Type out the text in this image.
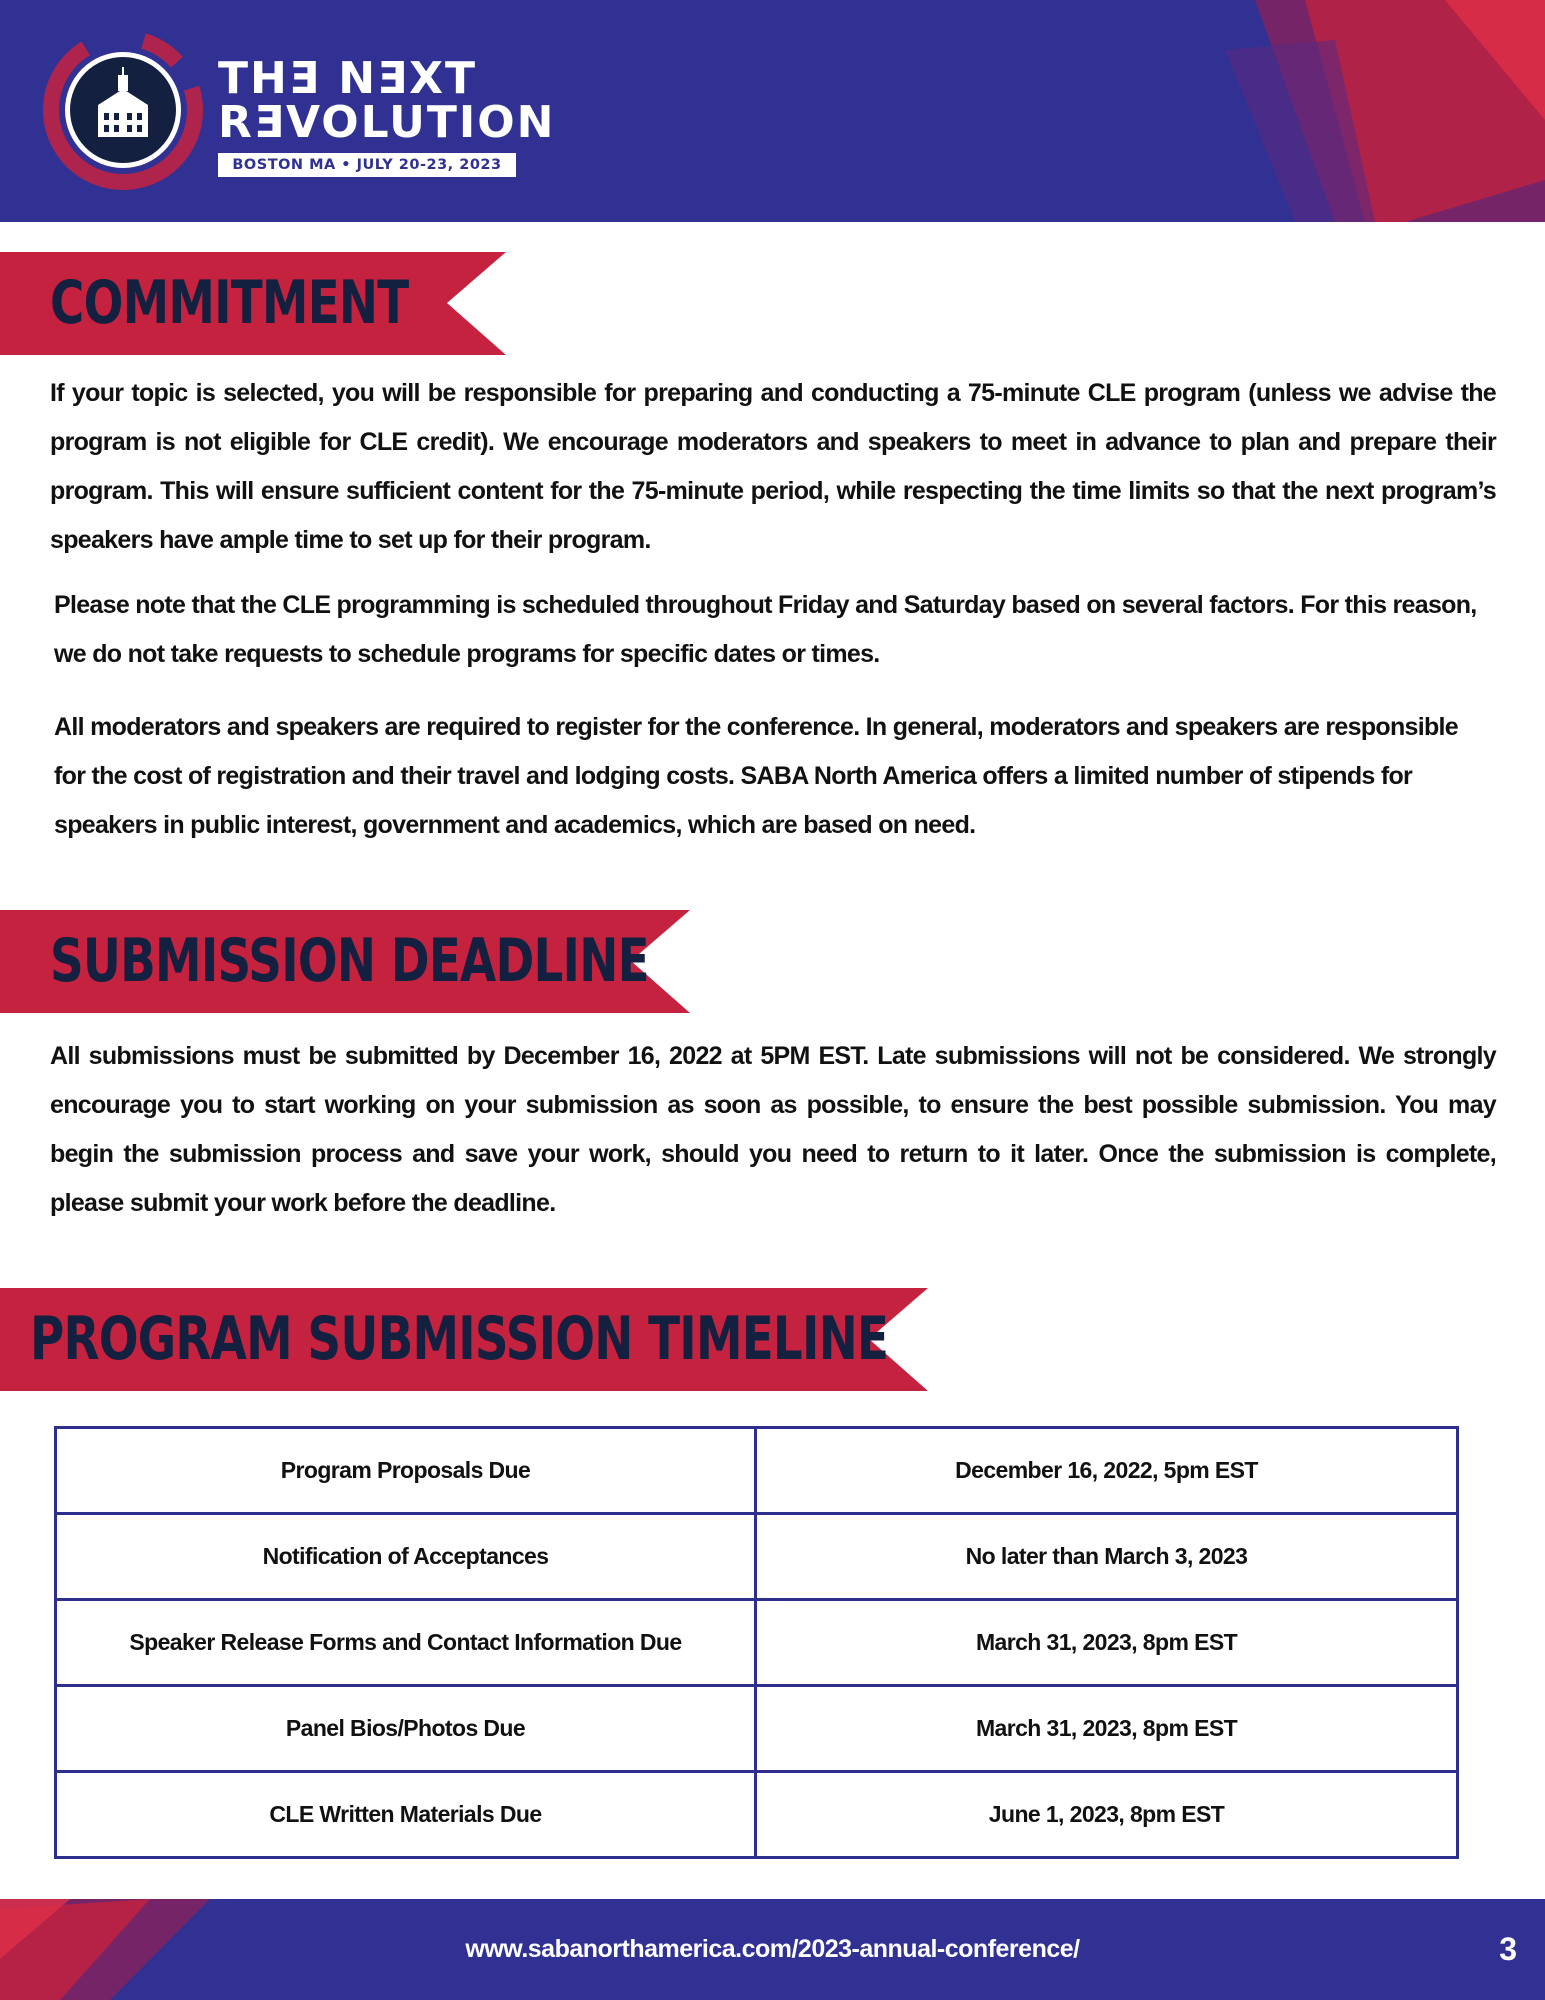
THƎ NƎXT
RƎVOLUTION
BOSTON MA • JULY 20-23, 2023
COMMITMENT
If your topic is selected, you will be responsible for preparing and conducting a 75-minute CLE program (unless we advise the program is not eligible for CLE credit). We encourage moderators and speakers to meet in advance to plan and prepare their program. This will ensure sufficient content for the 75-minute period, while respecting the time limits so that the next program’s speakers have ample time to set up for their program.
Please note that the CLE programming is scheduled throughout Friday and Saturday based on several factors. For this reason, we do not take requests to schedule programs for specific dates or times.
All moderators and speakers are required to register for the conference. In general, moderators and speakers are responsible for the cost of registration and their travel and lodging costs. SABA North America offers a limited number of stipends for speakers in public interest, government and academics, which are based on need.
SUBMISSION DEADLINE
All submissions must be submitted by December 16, 2022 at 5PM EST. Late submissions will not be considered. We strongly encourage you to start working on your submission as soon as possible, to ensure the best possible submission. You may begin the submission process and save your work, should you need to return to it later. Once the submission is complete, please submit your work before the deadline.
PROGRAM SUBMISSION TIMELINE
Program Proposals Due	December 16, 2022, 5pm EST
Notification of Acceptances	No later than March 3, 2023
Speaker Release Forms and Contact Information Due	March 31, 2023, 8pm EST
Panel Bios/Photos Due	March 31, 2023, 8pm EST
CLE Written Materials Due	June 1, 2023, 8pm EST
www.sabanorthamerica.com/2023-annual-conference/	3
